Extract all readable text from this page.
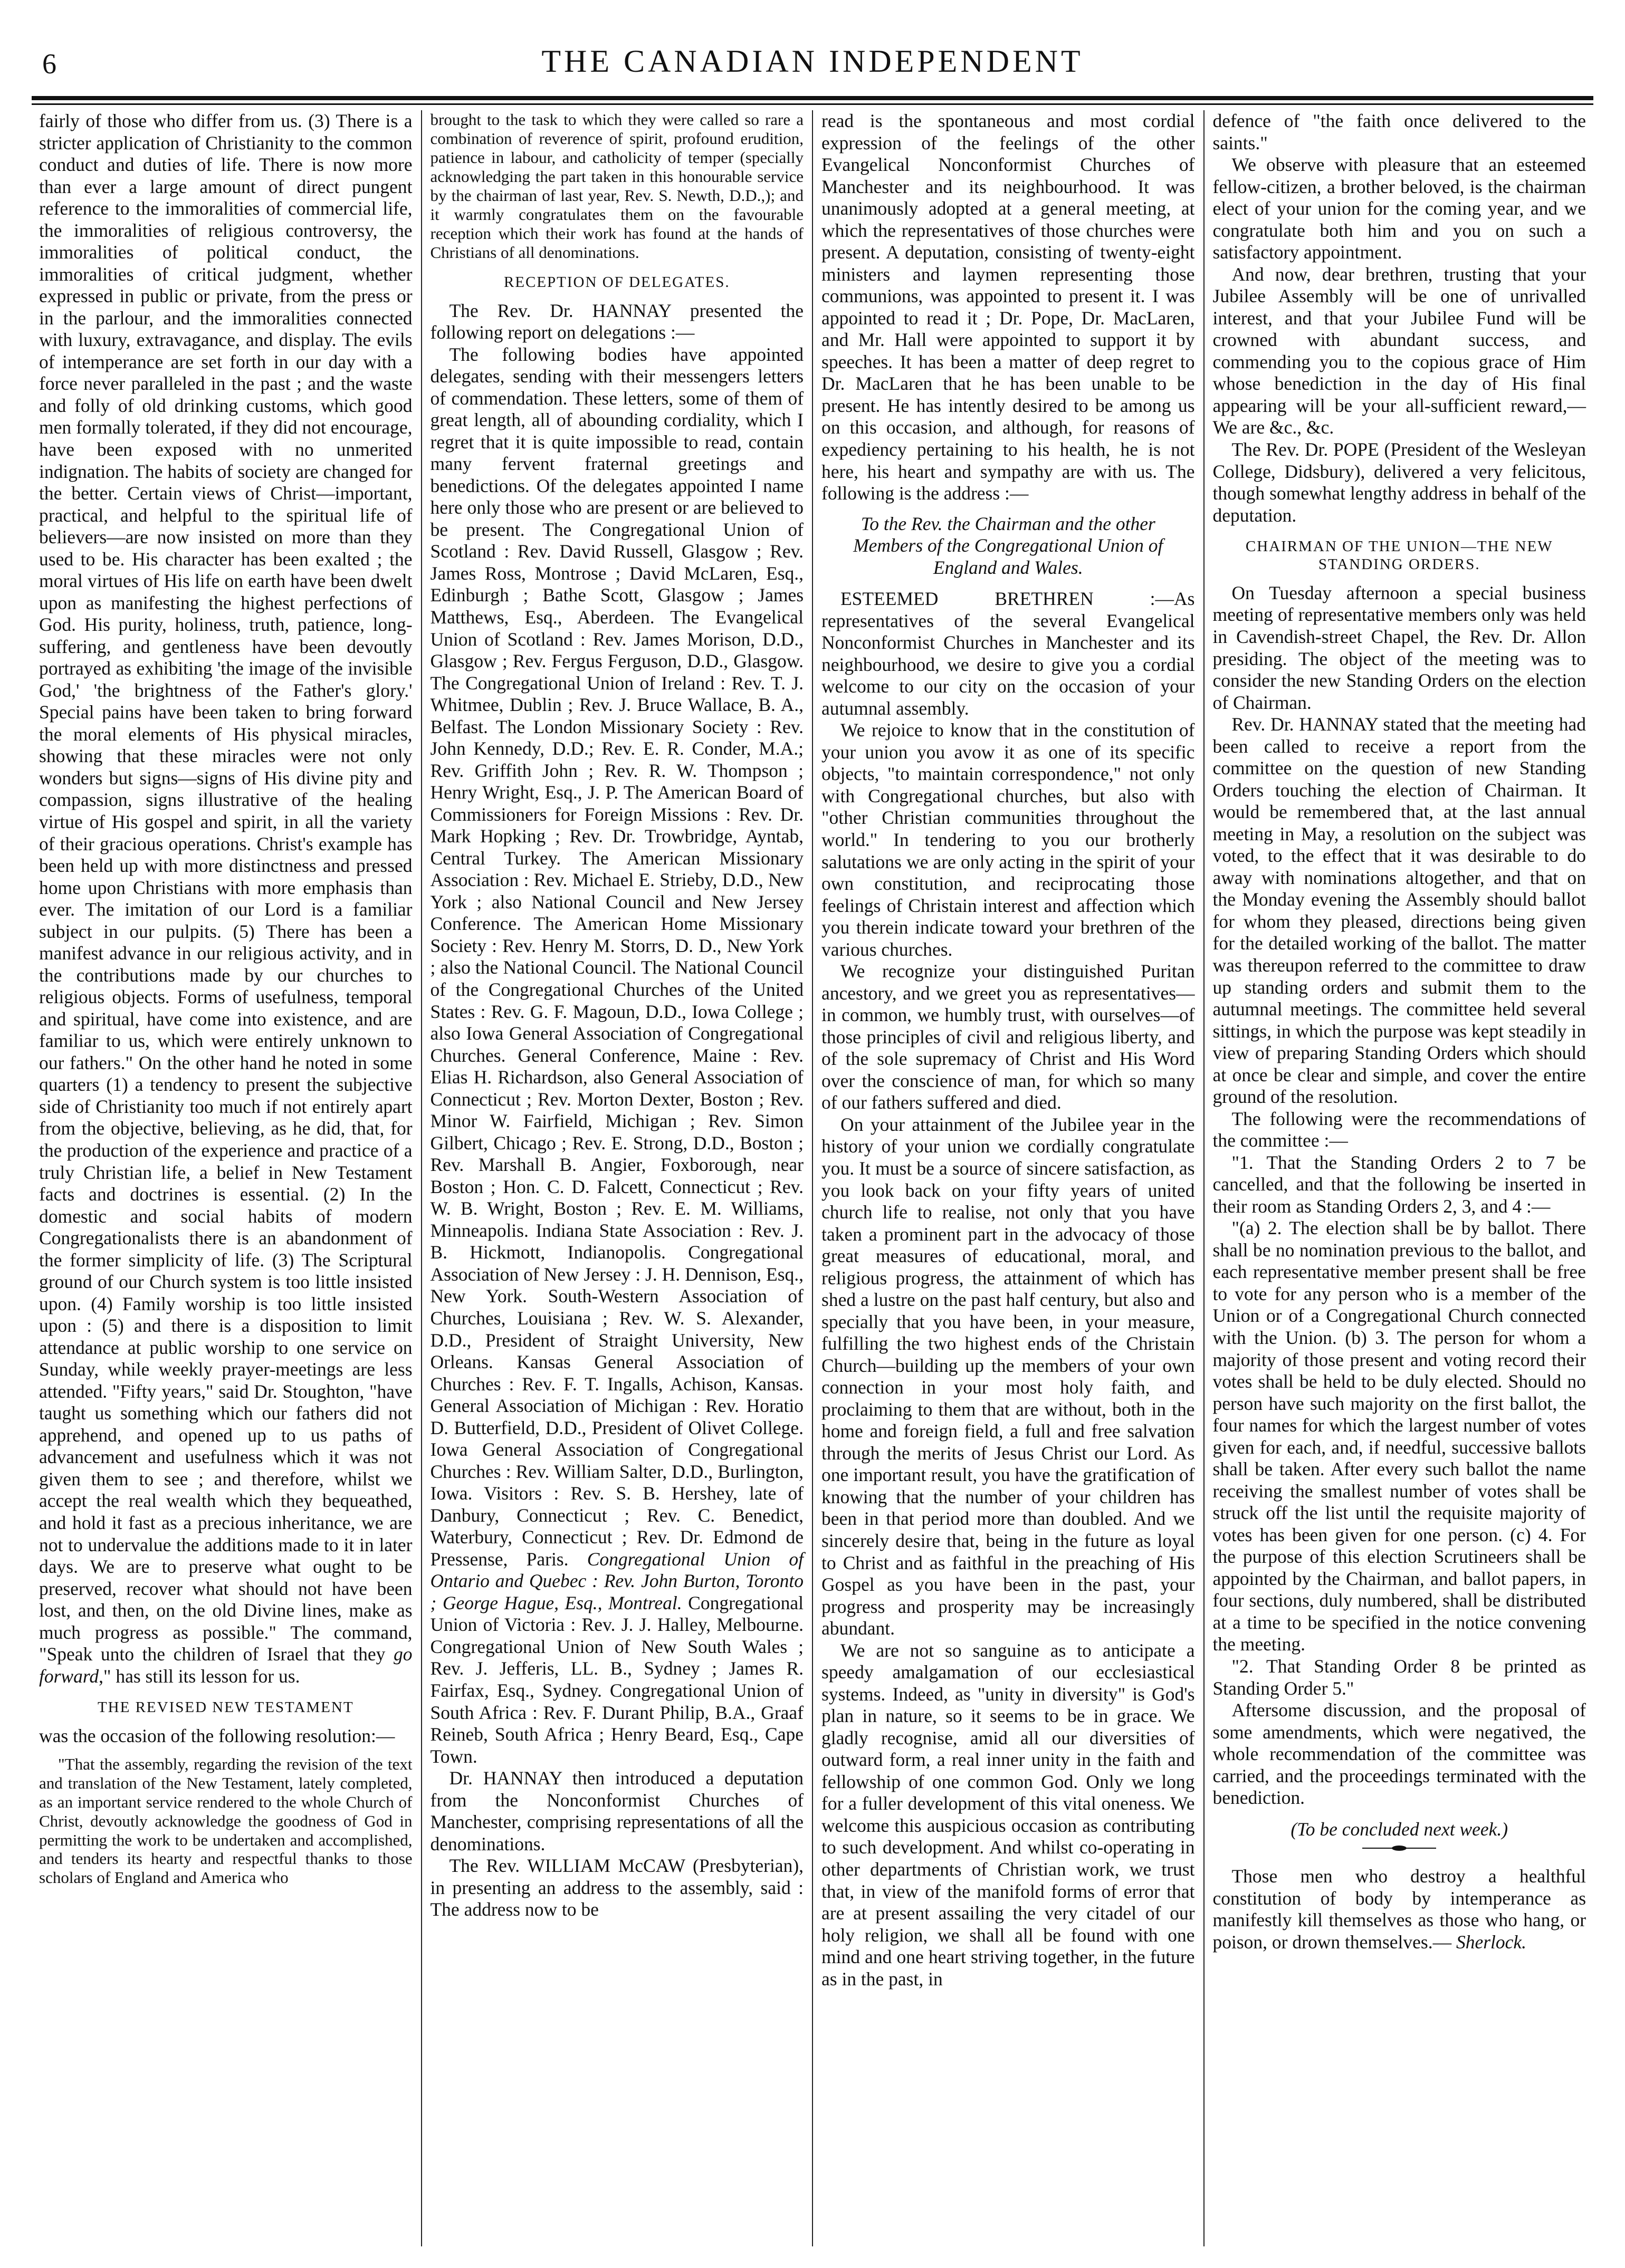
6	THE CANADIAN INDEPENDENT

fairly of those who differ from us. (3) There is a stricter application of Christianity to the common conduct and duties of life. There is now more than ever a large amount of direct pungent reference to the immoralities of commercial life, the immoralities of religious controversy, the immoralities of political conduct, the immoralities of critical judgment, whether expressed in public or private, from the press or in the parlour, and the immoralities connected with luxury, extravagance, and display. The evils of intemperance are set forth in our day with a force never paralleled in the past ; and the waste and folly of old drinking customs, which good men formally tolerated, if they did not encourage, have been exposed with no unmerited indignation. The habits of society are changed for the better. Certain views of Christ—important, practical, and helpful to the spiritual life of believers—are now insisted on more than they used to be. His character has been exalted ; the moral virtues of His life on earth have been dwelt upon as manifesting the highest perfections of God. His purity, holiness, truth, patience, long-suffering, and gentleness have been devoutly portrayed as exhibiting 'the image of the invisible God,' 'the brightness of the Father's glory.' Special pains have been taken to bring forward the moral elements of His physical miracles, showing that these miracles were not only wonders but signs—signs of His divine pity and compassion, signs illustrative of the healing virtue of His gospel and spirit, in all the variety of their gracious operations. Christ's example has been held up with more distinctness and pressed home upon Christians with more emphasis than ever. The imitation of our Lord is a familiar subject in our pulpits. (5) There has been a manifest advance in our religious activity, and in the contributions made by our churches to religious objects. Forms of usefulness, temporal and spiritual, have come into existence, and are familiar to us, which were entirely unknown to our fathers." On the other hand he noted in some quarters (1) a tendency to present the subjective side of Christianity too much if not entirely apart from the objective, believing, as he did, that, for the production of the experience and practice of a truly Christian life, a belief in New Testament facts and doctrines is essential. (2) In the domestic and social habits of modern Congregationalists there is an abandonment of the former simplicity of life. (3) The Scriptural ground of our Church system is too little insisted upon. (4) Family worship is too little insisted upon : (5) and there is a disposition to limit attendance at public worship to one service on Sunday, while weekly prayer-meetings are less attended. "Fifty years," said Dr. Stoughton, "have taught us something which our fathers did not apprehend, and opened up to us paths of advancement and usefulness which it was not given them to see ; and therefore, whilst we accept the real wealth which they bequeathed, and hold it fast as a precious inheritance, we are not to undervalue the additions made to it in later days. We are to preserve what ought to be preserved, recover what should not have been lost, and then, on the old Divine lines, make as much progress as possible." The command, "Speak unto the children of Israel that they go forward," has still its lesson for us.

THE REVISED NEW TESTAMENT

was the occasion of the following resolution:—

"That the assembly, regarding the revision of the text and translation of the New Testament, lately completed, as an important service rendered to the whole Church of Christ, devoutly acknowledge the goodness of God in permitting the work to be undertaken and accomplished, and tenders its hearty and respectful thanks to those scholars of England and America who

brought to the task to which they were called so rare a combination of reverence of spirit, profound erudition, patience in labour, and catholicity of temper (specially acknowledging the part taken in this honourable service by the chairman of last year, Rev. S. Newth, D.D.,); and it warmly congratulates them on the favourable reception which their work has found at the hands of Christians of all denominations.

RECEPTION OF DELEGATES.

The Rev. Dr. HANNAY presented the following report on delegations :—

The following bodies have appointed delegates, sending with their messengers letters of commendation. These letters, some of them of great length, all of abounding cordiality, which I regret that it is quite impossible to read, contain many fervent fraternal greetings and benedictions. Of the delegates appointed I name here only those who are present or are believed to be present. The Congregational Union of Scotland : Rev. David Russell, Glasgow ; Rev. James Ross, Montrose ; David McLaren, Esq., Edinburgh ; Bathe Scott, Glasgow ; James Matthews, Esq., Aberdeen. The Evangelical Union of Scotland : Rev. James Morison, D.D., Glasgow ; Rev. Fergus Ferguson, D.D., Glasgow. The Congregational Union of Ireland : Rev. T. J. Whitmee, Dublin ; Rev. J. Bruce Wallace, B. A., Belfast. The London Missionary Society : Rev. John Kennedy, D.D.; Rev. E. R. Conder, M.A.; Rev. Griffith John ; Rev. R. W. Thompson ; Henry Wright, Esq., J. P. The American Board of Commissioners for Foreign Missions : Rev. Dr. Mark Hopking ; Rev. Dr. Trowbridge, Ayntab, Central Turkey. The American Missionary Association : Rev. Michael E. Strieby, D.D., New York ; also National Council and New Jersey Conference. The American Home Missionary Society : Rev. Henry M. Storrs, D. D., New York ; also the National Council. The National Council of the Congregational Churches of the United States : Rev. G. F. Magoun, D.D., Iowa College ; also Iowa General Association of Congregational Churches. General Conference, Maine : Rev. Elias H. Richardson, also General Association of Connecticut ; Rev. Morton Dexter, Boston ; Rev. Minor W. Fairfield, Michigan ; Rev. Simon Gilbert, Chicago ; Rev. E. Strong, D.D., Boston ; Rev. Marshall B. Angier, Foxborough, near Boston ; Hon. C. D. Falcett, Connecticut ; Rev. W. B. Wright, Boston ; Rev. E. M. Williams, Minneapolis. Indiana State Association : Rev. J. B. Hickmott, Indianopolis. Congregational Association of New Jersey : J. H. Dennison, Esq., New York. South-Western Association of Churches, Louisiana ; Rev. W. S. Alexander, D.D., President of Straight University, New Orleans. Kansas General Association of Churches : Rev. F. T. Ingalls, Achison, Kansas. General Association of Michigan : Rev. Horatio D. Butterfield, D.D., President of Olivet College. Iowa General Association of Congregational Churches : Rev. William Salter, D.D., Burlington, Iowa. Visitors : Rev. S. B. Hershey, late of Danbury, Connecticut ; Rev. C. Benedict, Waterbury, Connecticut ; Rev. Dr. Edmond de Pressense, Paris. Congregational Union of Ontario and Quebec : Rev. John Burton, Toronto ; George Hague, Esq., Montreal. Congregational Union of Victoria : Rev. J. J. Halley, Melbourne. Congregational Union of New South Wales ; Rev. J. Jefferis, LL. B., Sydney ; James R. Fairfax, Esq., Sydney. Congregational Union of South Africa : Rev. F. Durant Philip, B.A., Graaf Reineb, South Africa ; Henry Beard, Esq., Cape Town.

Dr. HANNAY then introduced a deputation from the Nonconformist Churches of Manchester, comprising representations of all the denominations.

The Rev. WILLIAM McCAW (Presbyterian), in presenting an address to the assembly, said : The address now to be

read is the spontaneous and most cordial expression of the feelings of the other Evangelical Nonconformist Churches of Manchester and its neighbourhood. It was unanimously adopted at a general meeting, at which the representatives of those churches were present. A deputation, consisting of twenty-eight ministers and laymen representing those communions, was appointed to present it. I was appointed to read it ; Dr. Pope, Dr. MacLaren, and Mr. Hall were appointed to support it by speeches. It has been a matter of deep regret to Dr. MacLaren that he has been unable to be present. He has intently desired to be among us on this occasion, and although, for reasons of expediency pertaining to his health, he is not here, his heart and sympathy are with us. The following is the address :—

To the Rev. the Chairman and the other Members of the Congregational Union of England and Wales.

ESTEEMED BRETHREN :—As representatives of the several Evangelical Nonconformist Churches in Manchester and its neighbourhood, we desire to give you a cordial welcome to our city on the occasion of your autumnal assembly.

We rejoice to know that in the constitution of your union you avow it as one of its specific objects, "to maintain correspondence," not only with Congregational churches, but also with "other Christian communities throughout the world." In tendering to you our brotherly salutations we are only acting in the spirit of your own constitution, and reciprocating those feelings of Christain interest and affection which you therein indicate toward your brethren of the various churches.

We recognize your distinguished Puritan ancestory, and we greet you as representatives—in common, we humbly trust, with ourselves—of those principles of civil and religious liberty, and of the sole supremacy of Christ and His Word over the conscience of man, for which so many of our fathers suffered and died.

On your attainment of the Jubilee year in the history of your union we cordially congratulate you. It must be a source of sincere satisfaction, as you look back on your fifty years of united church life to realise, not only that you have taken a prominent part in the advocacy of those great measures of educational, moral, and religious progress, the attainment of which has shed a lustre on the past half century, but also and specially that you have been, in your measure, fulfilling the two highest ends of the Christain Church—building up the members of your own connection in your most holy faith, and proclaiming to them that are without, both in the home and foreign field, a full and free salvation through the merits of Jesus Christ our Lord. As one important result, you have the gratification of knowing that the number of your children has been in that period more than doubled. And we sincerely desire that, being in the future as loyal to Christ and as faithful in the preaching of His Gospel as you have been in the past, your progress and prosperity may be increasingly abundant.

We are not so sanguine as to anticipate a speedy amalgamation of our ecclesiastical systems. Indeed, as "unity in diversity" is God's plan in nature, so it seems to be in grace. We gladly recognise, amid all our diversities of outward form, a real inner unity in the faith and fellowship of one common God. Only we long for a fuller development of this vital oneness. We welcome this auspicious occasion as contributing to such development. And whilst co-operating in other departments of Christian work, we trust that, in view of the manifold forms of error that are at present assailing the very citadel of our holy religion, we shall all be found with one mind and one heart striving together, in the future as in the past, in

defence of "the faith once delivered to the saints."

We observe with pleasure that an esteemed fellow-citizen, a brother beloved, is the chairman elect of your union for the coming year, and we congratulate both him and you on such a satisfactory appointment.

And now, dear brethren, trusting that your Jubilee Assembly will be one of unrivalled interest, and that your Jubilee Fund will be crowned with abundant success, and commending you to the copious grace of Him whose benediction in the day of His final appearing will be your all-sufficient reward,—We are &c., &c.

The Rev. Dr. POPE (President of the Wesleyan College, Didsbury), delivered a very felicitous, though somewhat lengthy address in behalf of the deputation.

CHAIRMAN OF THE UNION—THE NEW STANDING ORDERS.

On Tuesday afternoon a special business meeting of representative members only was held in Cavendish-street Chapel, the Rev. Dr. Allon presiding. The object of the meeting was to consider the new Standing Orders on the election of Chairman.

Rev. Dr. HANNAY stated that the meeting had been called to receive a report from the committee on the question of new Standing Orders touching the election of Chairman. It would be remembered that, at the last annual meeting in May, a resolution on the subject was voted, to the effect that it was desirable to do away with nominations altogether, and that on the Monday evening the Assembly should ballot for whom they pleased, directions being given for the detailed working of the ballot. The matter was thereupon referred to the committee to draw up standing orders and submit them to the autumnal meetings. The committee held several sittings, in which the purpose was kept steadily in view of preparing Standing Orders which should at once be clear and simple, and cover the entire ground of the resolution.

The following were the recommendations of the committee :—

"1. That the Standing Orders 2 to 7 be cancelled, and that the following be inserted in their room as Standing Orders 2, 3, and 4 :—

"(a) 2. The election shall be by ballot. There shall be no nomination previous to the ballot, and each representative member present shall be free to vote for any person who is a member of the Union or of a Congregational Church connected with the Union. (b) 3. The person for whom a majority of those present and voting record their votes shall be held to be duly elected. Should no person have such majority on the first ballot, the four names for which the largest number of votes given for each, and, if needful, successive ballots shall be taken. After every such ballot the name receiving the smallest number of votes shall be struck off the list until the requisite majority of votes has been given for one person. (c) 4. For the purpose of this election Scrutineers shall be appointed by the Chairman, and ballot papers, in four sections, duly numbered, shall be distributed at a time to be specified in the notice convening the meeting.

"2. That Standing Order 8 be printed as Standing Order 5."

Aftersome discussion, and the proposal of some amendments, which were negatived, the whole recommendation of the committee was carried, and the proceedings terminated with the benediction.

(To be concluded next week.)

Those men who destroy a healthful constitution of body by intemperance as manifestly kill themselves as those who hang, or poison, or drown themselves.— Sherlock.
